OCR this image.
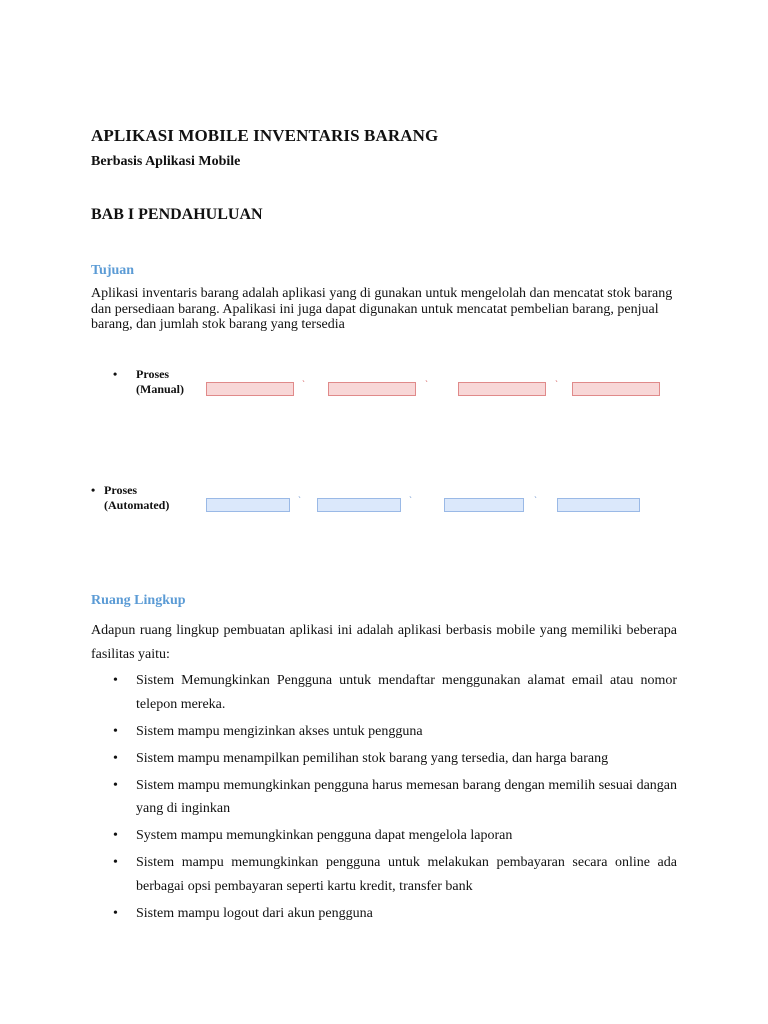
APLIKASI MOBILE INVENTARIS BARANG
Berbasis Aplikasi Mobile
BAB I PENDAHULUAN
Tujuan
Aplikasi inventaris barang adalah aplikasi yang di gunakan untuk mengelolah dan mencatat stok barang dan persediaan barang. Apalikasi ini juga dapat digunakan untuk mencatat pembelian barang, penjual barang, dan jumlah stok barang yang tersedia
• Proses (Manual)	`	`	`
• Proses (Automated)	`	`	`
Ruang Lingkup
Adapun ruang lingkup pembuatan aplikasi ini adalah aplikasi berbasis mobile yang memiliki beberapa fasilitas yaitu:
• Sistem Memungkinkan Pengguna untuk mendaftar menggunakan alamat email atau nomor telepon mereka.
• Sistem mampu mengizinkan akses untuk pengguna
• Sistem mampu menampilkan pemilihan stok barang yang tersedia, dan harga barang
• Sistem mampu memungkinkan pengguna harus memesan barang dengan memilih sesuai dangan yang di inginkan
• System mampu memungkinkan pengguna dapat mengelola laporan
• Sistem mampu memungkinkan pengguna untuk melakukan pembayaran secara online ada berbagai opsi pembayaran seperti kartu kredit, transfer bank
• Sistem mampu logout dari akun pengguna
